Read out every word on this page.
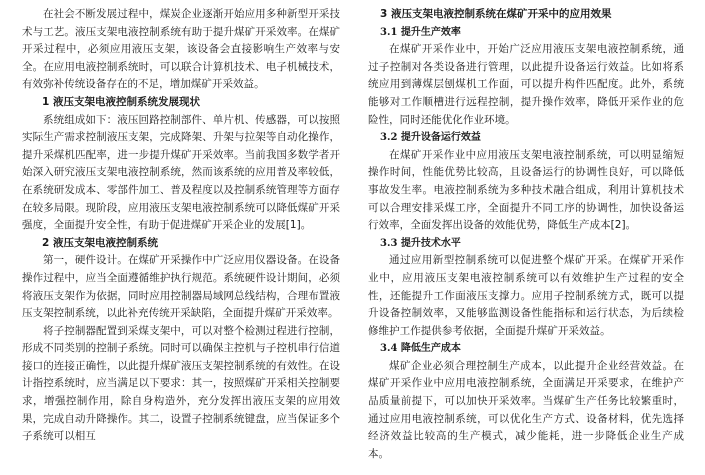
在社会不断发展过程中，煤炭企业逐渐开始应用多种新型开采技术与工艺。液压支架电液控制系统有助于提升煤矿开采效率。在煤矿开采过程中，必须应用液压支架，该设备会直接影响生产效率与安全。在应用电液控制系统时，可以联合计算机技术、电子机械技术，有效弥补传统设备存在的不足，增加煤矿开采效益。

1 液压支架电液控制系统发展现状

系统组成如下：液压回路控制部件、单片机、传感器，可以按照实际生产需求控制液压支架，完成降架、升架与拉架等自动化操作，提升采煤机匹配率，进一步提升煤矿开采效率。当前我国多数学者开始深入研究液压支架电液控制系统，然而该系统的应用普及率较低，在系统研发成本、零部件加工、普及程度以及控制系统管理等方面存在较多局限。现阶段，应用液压支架电液控制系统可以降低煤矿开采强度，全面提升安全性，有助于促进煤矿开采企业的发展[1]。

2 液压支架电液控制系统

第一，硬件设计。在煤矿开采操作中广泛应用仪器设备。在设备操作过程中，应当全面遵循维护执行规范。系统硬件设计期间，必须将液压支架作为依据，同时应用控制器局域网总线结构，合理布置液压支架控制系统，以此补充传统开采缺陷，全面提升煤矿开采效率。

将子控制器配置到采煤支架中，可以对整个检测过程进行控制，形成不同类别的控制子系统。同时可以确保主控机与子控机串行信道接口的连接正确性，以此提升煤矿液压支架控制系统的有效性。在设计指控系统时，应当满足以下要求：其一，按照煤矿开采相关控制要求，增强控制作用，除自身构造外，充分发挥出液压支架的应用效果，完成自动升降操作。其二，设置子控制系统键盘，应当保证多个子系统可以相互

3 液压支架电液控制系统在煤矿开采中的应用效果

3.1 提升生产效率

在煤矿开采作业中，开始广泛应用液压支架电液控制系统，通过子控制对各类设备进行管理，以此提升设备运行效益。比如将系统应用到薄煤层刨煤机工作面，可以提升构件匹配度。此外，系统能够对工作顺槽进行远程控制，提升操作效率，降低开采作业的危险性，同时还能优化作业环境。

3.2 提升设备运行效益

在煤矿开采作业中应用液压支架电液控制系统，可以明显缩短操作时间，性能优势比较高，且设备运行的协调性良好，可以降低事故发生率。电液控制系统为多种技术融合组成，利用计算机技术可以合理安排采煤工序，全面提升不同工序的协调性，加快设备运行效率，全面发挥出设备的效能优势，降低生产成本[2]。

3.3 提升技术水平

通过应用新型控制系统可以促进整个煤矿开采。在煤矿开采作业中，应用液压支架电液控制系统可以有效维护生产过程的安全性，还能提升工作面液压支撑力。应用子控制系统方式，既可以提升设备控制效率，又能够监测设备性能指标和运行状态，为后续检修维护工作提供参考依据，全面提升煤矿开采效益。

3.4 降低生产成本

煤矿企业必须合理控制生产成本，以此提升企业经营效益。在煤矿开采作业中应用电液控制系统，全面满足开采要求，在维护产品质量前提下，可以加快开采效率。当煤矿生产任务比较繁重时，通过应用电液控制系统，可以优化生产方式、设备材料，优先选择经济效益比较高的生产模式，减少能耗，进一步降低企业生产成本。
